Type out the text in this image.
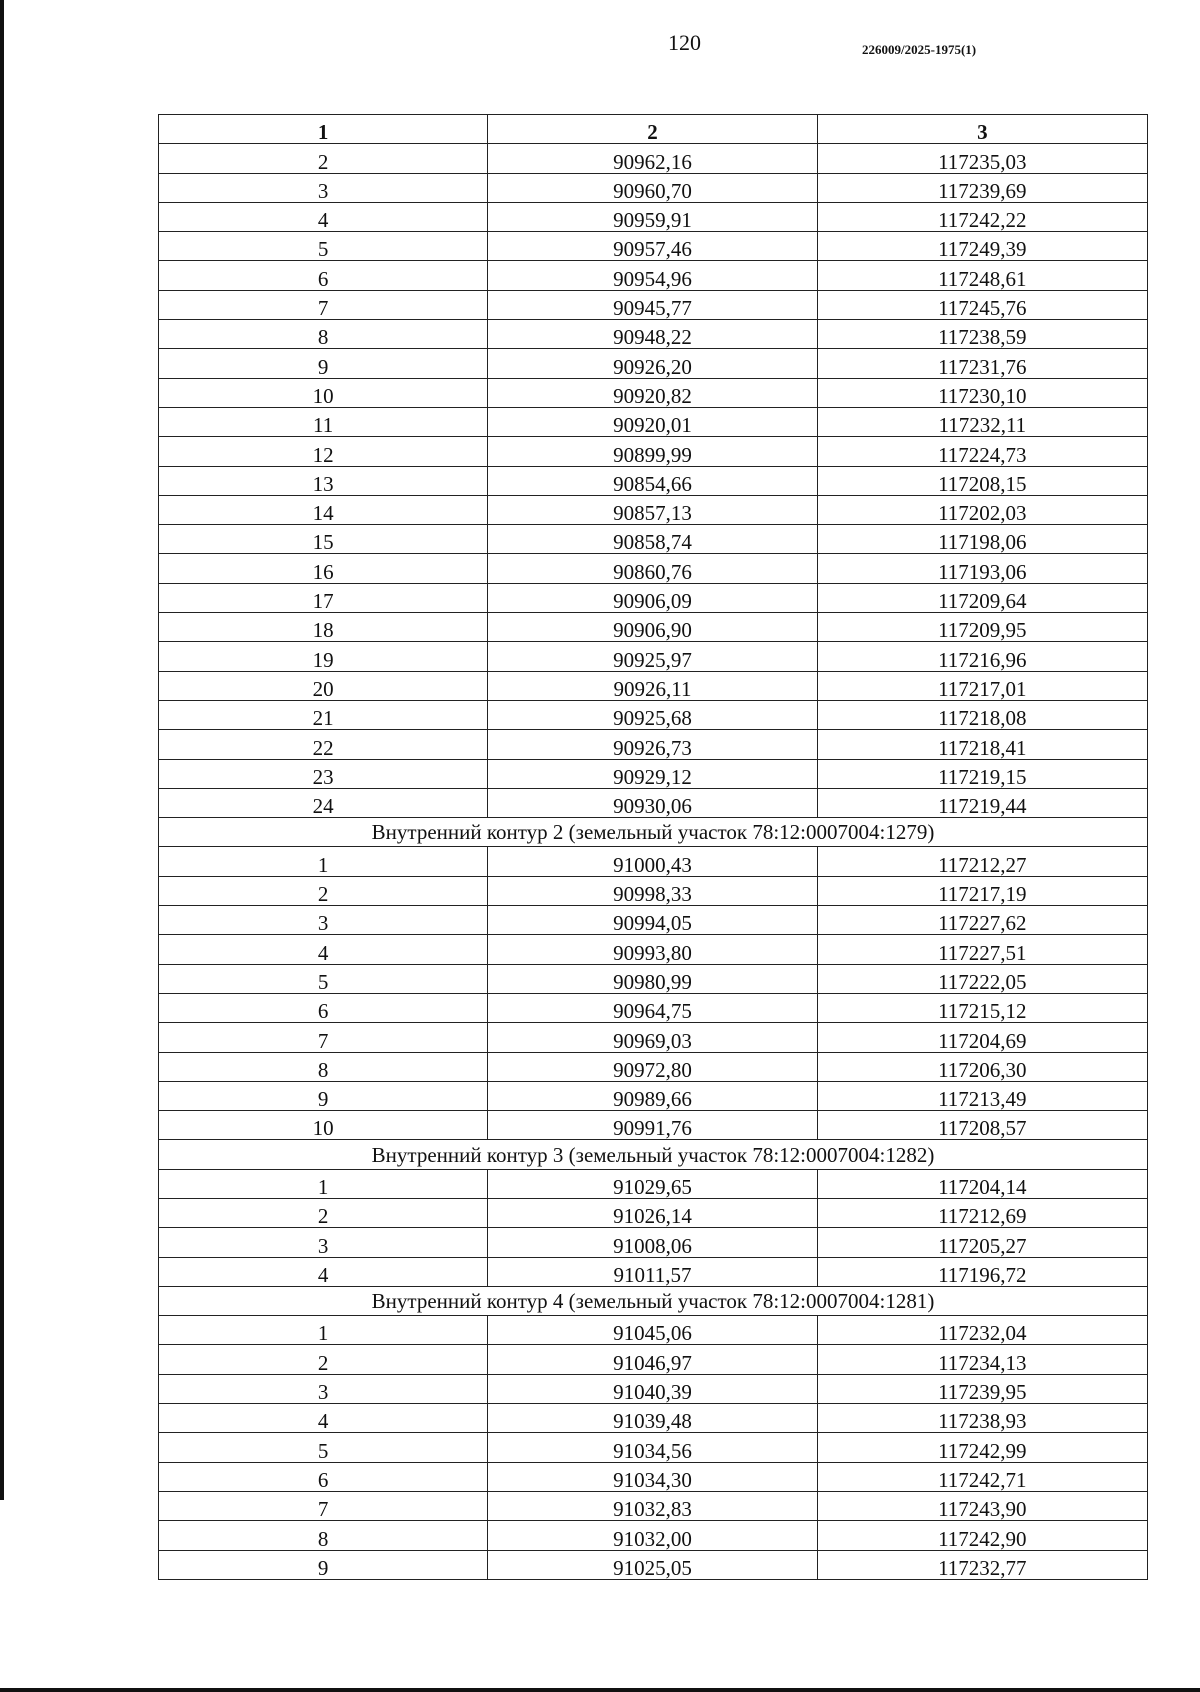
120	226009/2025-1975(1)
1	2	3
2	90962,16	117235,03
3	90960,70	117239,69
4	90959,91	117242,22
5	90957,46	117249,39
6	90954,96	117248,61
7	90945,77	117245,76
8	90948,22	117238,59
9	90926,20	117231,76
10	90920,82	117230,10
11	90920,01	117232,11
12	90899,99	117224,73
13	90854,66	117208,15
14	90857,13	117202,03
15	90858,74	117198,06
16	90860,76	117193,06
17	90906,09	117209,64
18	90906,90	117209,95
19	90925,97	117216,96
20	90926,11	117217,01
21	90925,68	117218,08
22	90926,73	117218,41
23	90929,12	117219,15
24	90930,06	117219,44
Внутренний контур 2 (земельный участок 78:12:0007004:1279)		
1	91000,43	117212,27
2	90998,33	117217,19
3	90994,05	117227,62
4	90993,80	117227,51
5	90980,99	117222,05
6	90964,75	117215,12
7	90969,03	117204,69
8	90972,80	117206,30
9	90989,66	117213,49
10	90991,76	117208,57
Внутренний контур 3 (земельный участок 78:12:0007004:1282)		
1	91029,65	117204,14
2	91026,14	117212,69
3	91008,06	117205,27
4	91011,57	117196,72
Внутренний контур 4 (земельный участок 78:12:0007004:1281)		
1	91045,06	117232,04
2	91046,97	117234,13
3	91040,39	117239,95
4	91039,48	117238,93
5	91034,56	117242,99
6	91034,30	117242,71
7	91032,83	117243,90
8	91032,00	117242,90
9	91025,05	117232,77
